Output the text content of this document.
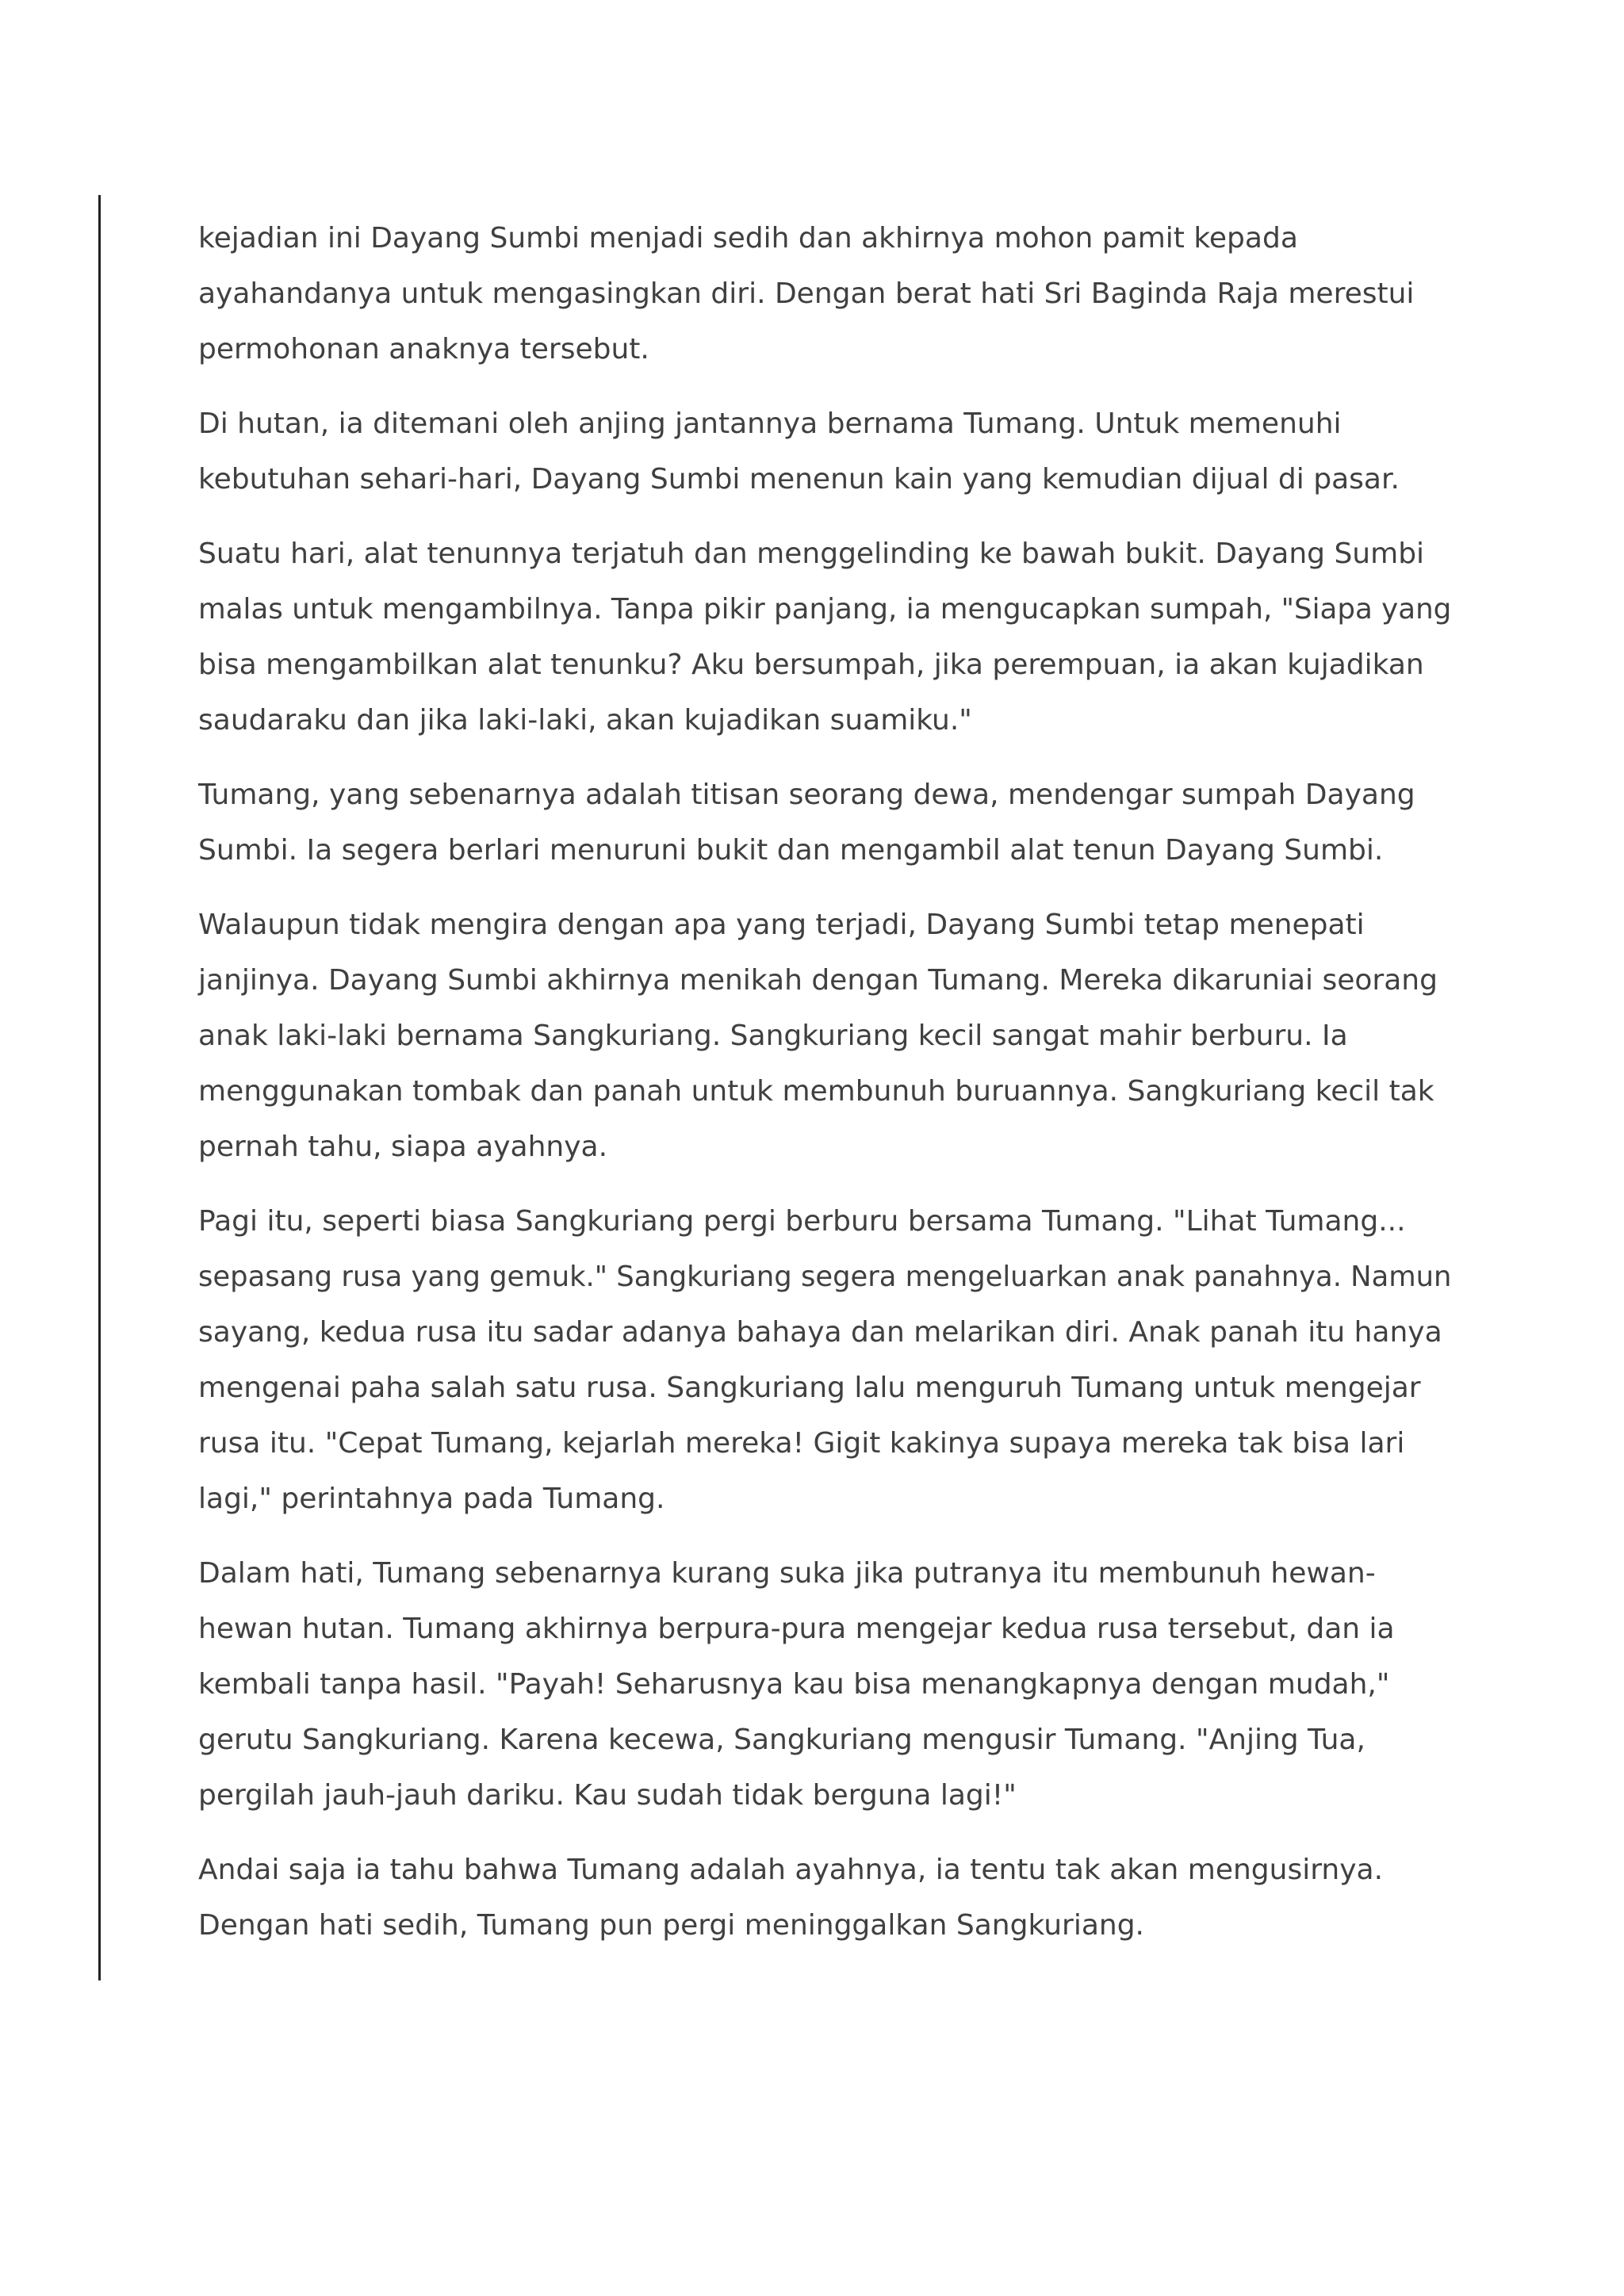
kejadian ini Dayang Sumbi menjadi sedih dan akhirnya mohon pamit kepada
ayahandanya untuk mengasingkan diri. Dengan berat hati Sri Baginda Raja merestui
permohonan anaknya tersebut.

Di hutan, ia ditemani oleh anjing jantannya bernama Tumang. Untuk memenuhi
kebutuhan sehari-hari, Dayang Sumbi menenun kain yang kemudian dijual di pasar.

Suatu hari, alat tenunnya terjatuh dan menggelinding ke bawah bukit. Dayang Sumbi
malas untuk mengambilnya. Tanpa pikir panjang, ia mengucapkan sumpah, "Siapa yang
bisa mengambilkan alat tenunku? Aku bersumpah, jika perempuan, ia akan kujadikan
saudaraku dan jika laki-laki, akan kujadikan suamiku."

Tumang, yang sebenarnya adalah titisan seorang dewa, mendengar sumpah Dayang
Sumbi. Ia segera berlari menuruni bukit dan mengambil alat tenun Dayang Sumbi.

Walaupun tidak mengira dengan apa yang terjadi, Dayang Sumbi tetap menepati
janjinya. Dayang Sumbi akhirnya menikah dengan Tumang. Mereka dikaruniai seorang
anak laki-laki bernama Sangkuriang. Sangkuriang kecil sangat mahir berburu. Ia
menggunakan tombak dan panah untuk membunuh buruannya. Sangkuriang kecil tak
pernah tahu, siapa ayahnya.

Pagi itu, seperti biasa Sangkuriang pergi berburu bersama Tumang. "Lihat Tumang...
sepasang rusa yang gemuk." Sangkuriang segera mengeluarkan anak panahnya. Namun
sayang, kedua rusa itu sadar adanya bahaya dan melarikan diri. Anak panah itu hanya
mengenai paha salah satu rusa. Sangkuriang lalu menguruh Tumang untuk mengejar
rusa itu. "Cepat Tumang, kejarlah mereka! Gigit kakinya supaya mereka tak bisa lari
lagi," perintahnya pada Tumang.

Dalam hati, Tumang sebenarnya kurang suka jika putranya itu membunuh hewan-
hewan hutan. Tumang akhirnya berpura-pura mengejar kedua rusa tersebut, dan ia
kembali tanpa hasil. "Payah! Seharusnya kau bisa menangkapnya dengan mudah,"
gerutu Sangkuriang. Karena kecewa, Sangkuriang mengusir Tumang. "Anjing Tua,
pergilah jauh-jauh dariku. Kau sudah tidak berguna lagi!"

Andai saja ia tahu bahwa Tumang adalah ayahnya, ia tentu tak akan mengusirnya.
Dengan hati sedih, Tumang pun pergi meninggalkan Sangkuriang.
